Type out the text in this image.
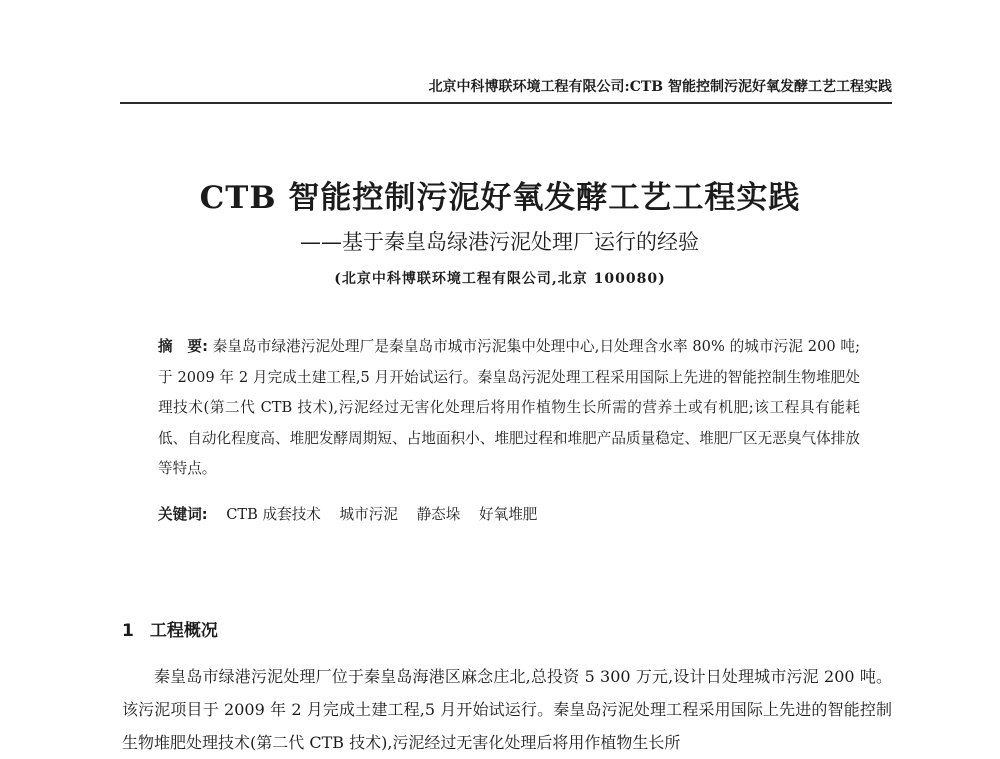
北京中科博联环境工程有限公司:CTB 智能控制污泥好氧发酵工艺工程实践
CTB 智能控制污泥好氧发酵工艺工程实践
——基于秦皇岛绿港污泥处理厂运行的经验
(北京中科博联环境工程有限公司,北京 100080)
摘　要: 秦皇岛市绿港污泥处理厂是秦皇岛市城市污泥集中处理中心,日处理含水率 80% 的城市污泥 200 吨;于 2009 年 2 月完成土建工程,5 月开始试运行。秦皇岛污泥处理工程采用国际上先进的智能控制生物堆肥处理技术(第二代 CTB 技术),污泥经过无害化处理后将用作植物生长所需的营养土或有机肥;该工程具有能耗低、自动化程度高、堆肥发酵周期短、占地面积小、堆肥过程和堆肥产品质量稳定、堆肥厂区无恶臭气体排放等特点。
关键词: CTB 成套技术 城市污泥 静态垛 好氧堆肥
1 工程概况
秦皇岛市绿港污泥处理厂位于秦皇岛海港区麻念庄北,总投资 5 300 万元,设计日处理城市污泥 200 吨。该污泥项目于 2009 年 2 月完成土建工程,5 月开始试运行。秦皇岛污泥处理工程采用国际上先进的智能控制生物堆肥处理技术(第二代 CTB 技术),污泥经过无害化处理后将用作植物生长所
